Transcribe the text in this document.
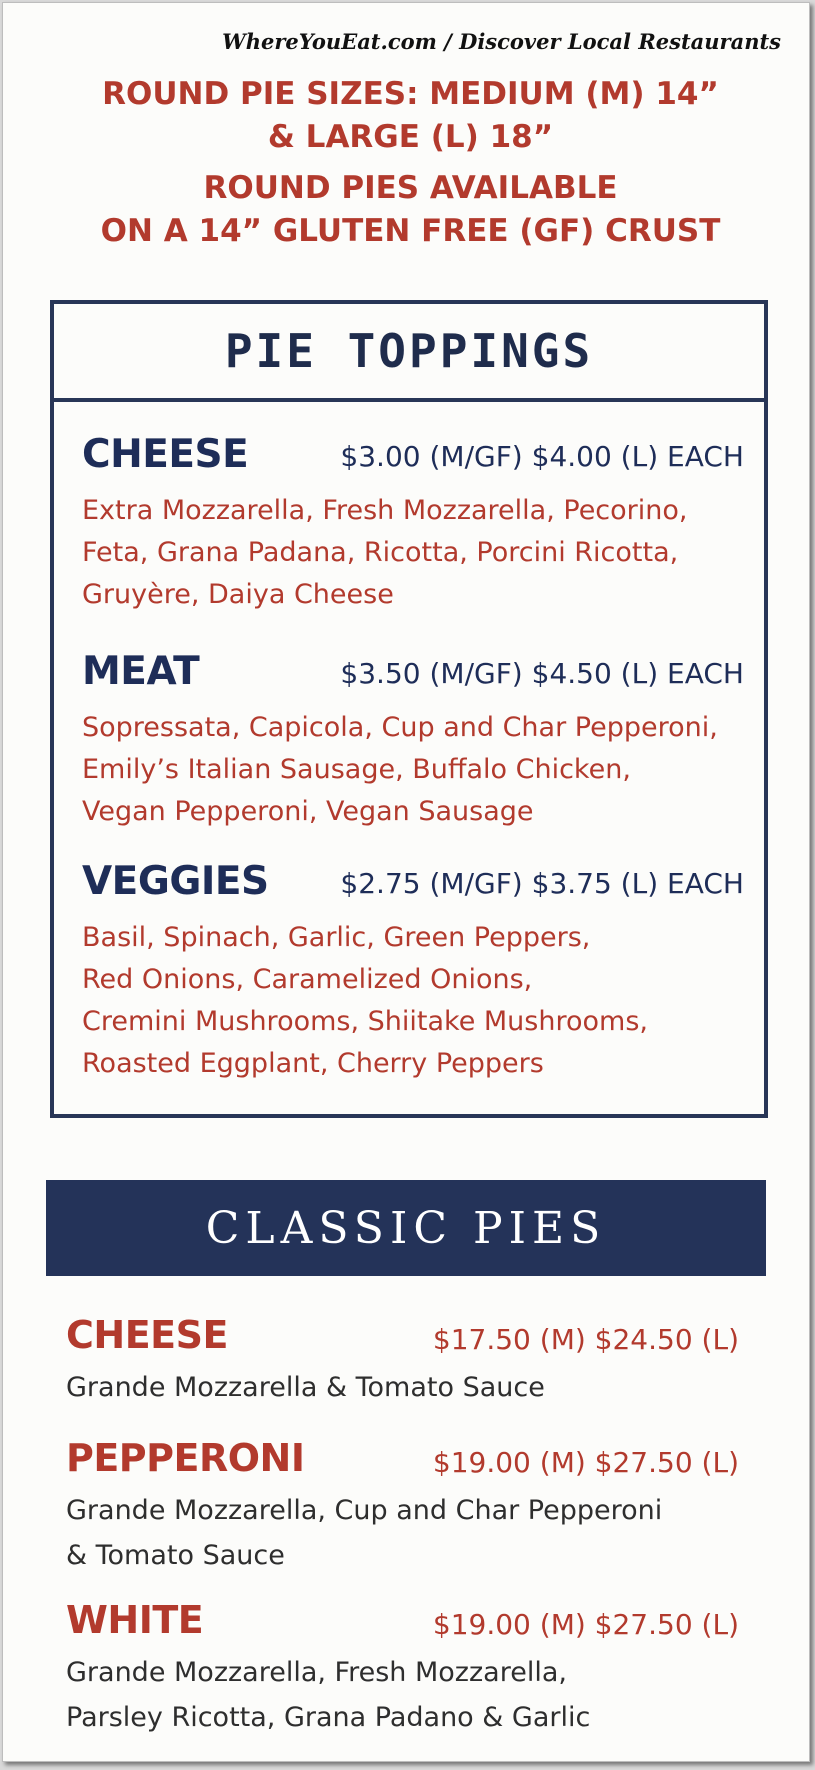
WhereYouEat.com / Discover Local Restaurants
ROUND PIE SIZES: MEDIUM (M) 14”
& LARGE (L) 18”
ROUND PIES AVAILABLE
ON A 14” GLUTEN FREE (GF) CRUST
PIE TOPPINGS
CHEESE	$3.00 (M/GF) $4.00 (L) EACH
Extra Mozzarella, Fresh Mozzarella, Pecorino,
Feta, Grana Padana, Ricotta, Porcini Ricotta,
Gruyère, Daiya Cheese
MEAT	$3.50 (M/GF) $4.50 (L) EACH
Sopressata, Capicola, Cup and Char Pepperoni,
Emily’s Italian Sausage, Buffalo Chicken,
Vegan Pepperoni, Vegan Sausage
VEGGIES	$2.75 (M/GF) $3.75 (L) EACH
Basil, Spinach, Garlic, Green Peppers,
Red Onions, Caramelized Onions,
Cremini Mushrooms, Shiitake Mushrooms,
Roasted Eggplant, Cherry Peppers
CLASSIC PIES
CHEESE	$17.50 (M) $24.50 (L)
Grande Mozzarella & Tomato Sauce
PEPPERONI	$19.00 (M) $27.50 (L)
Grande Mozzarella, Cup and Char Pepperoni
& Tomato Sauce
WHITE	$19.00 (M) $27.50 (L)
Grande Mozzarella, Fresh Mozzarella,
Parsley Ricotta, Grana Padano & Garlic
